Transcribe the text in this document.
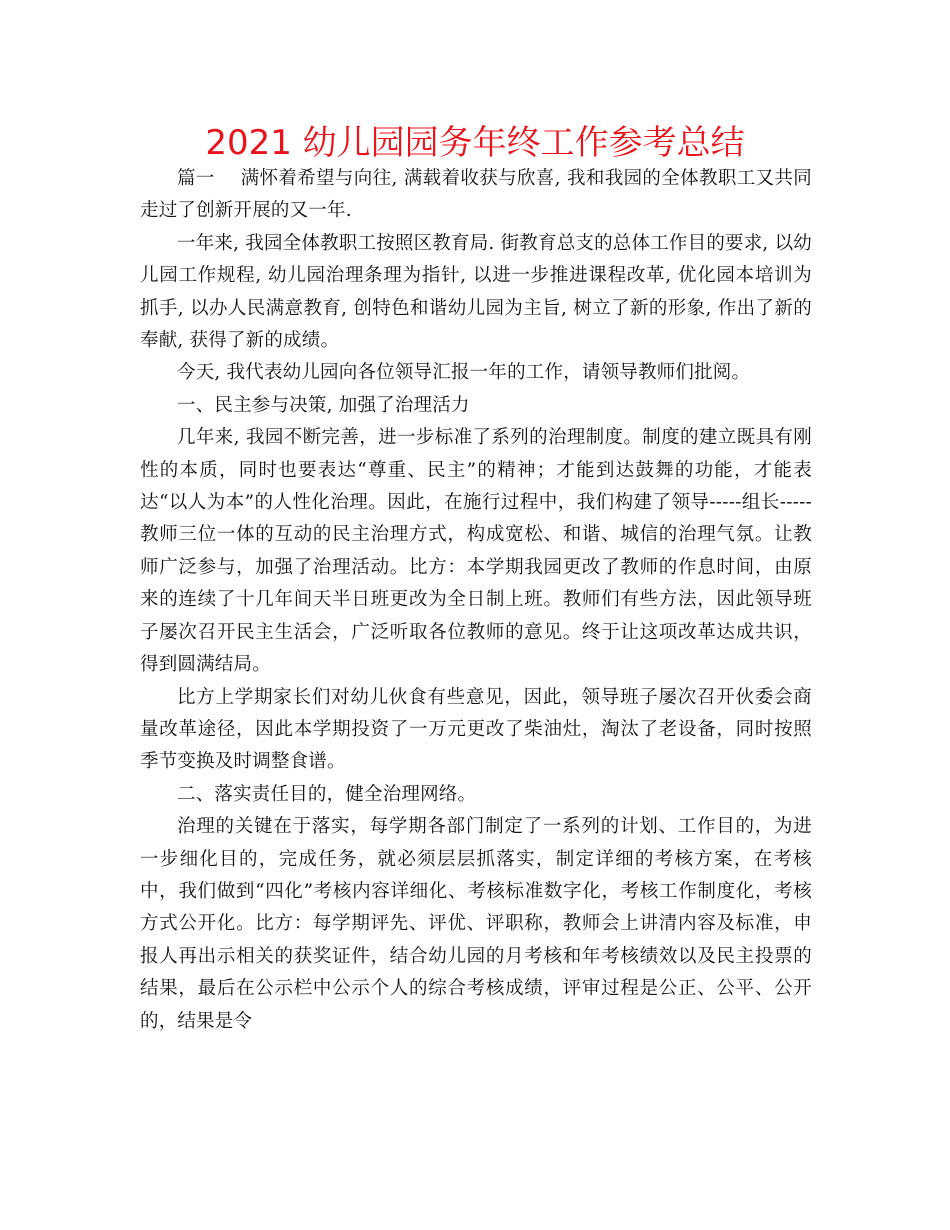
2021 幼儿园园务年终工作参考总结

篇一 满怀着希望与向往, 满载着收获与欣喜, 我和我园的全体教职工又共同走过了创新开展的又一年.

一年来, 我园全体教职工按照区教育局. 街教育总支的总体工作目的要求, 以幼儿园工作规程, 幼儿园治理条理为指针, 以进一步推进课程改革, 优化园本培训为抓手, 以办人民满意教育, 创特色和谐幼儿园为主旨, 树立了新的形象, 作出了新的奉献, 获得了新的成绩。

今天, 我代表幼儿园向各位领导汇报一年的工作，请领导教师们批阅。

一、民主参与决策, 加强了治理活力

几年来, 我园不断完善，进一步标准了系列的治理制度。制度的建立既具有刚性的本质，同时也要表达“尊重、民主”的精神；才能到达鼓舞的功能，才能表达“以人为本”的人性化治理。因此，在施行过程中，我们构建了领导-----组长-----教师三位一体的互动的民主治理方式，构成宽松、和谐、城信的治理气氛。让教师广泛参与，加强了治理活动。比方：本学期我园更改了教师的作息时间，由原来的连续了十几年间天半日班更改为全日制上班。教师们有些方法，因此领导班子屡次召开民主生活会，广泛听取各位教师的意见。终于让这项改革达成共识，得到圆满结局。

比方上学期家长们对幼儿伙食有些意见，因此，领导班子屡次召开伙委会商量改革途径，因此本学期投资了一万元更改了柴油灶，淘汰了老设备，同时按照季节变换及时调整食谱。

二、落实责任目的，健全治理网络。

治理的关键在于落实，每学期各部门制定了一系列的计划、工作目的，为进一步细化目的，完成任务，就必须层层抓落实，制定详细的考核方案，在考核中，我们做到“四化”考核内容详细化、考核标准数字化，考核工作制度化，考核方式公开化。比方：每学期评先、评优、评职称，教师会上讲清内容及标准，申报人再出示相关的获奖证件，结合幼儿园的月考核和年考核绩效以及民主投票的结果，最后在公示栏中公示个人的综合考核成绩，评审过程是公正、公平、公开的，结果是令
